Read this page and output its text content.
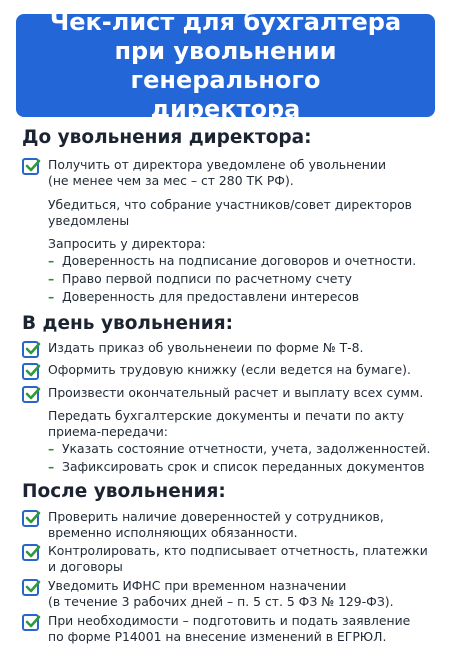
Чек-лист для бухгалтера
при увольнении генерального
директора
До увольнения директора:
Получить от директора уведомлене об увольнении
(не менее чем за мес – ст 280 ТК РФ).
Убедиться, что собрание участников/совет директоров
уведомлены
Запросить у директора:
– Доверенность на подписание договоров и очетности.
– Право первой подписи по расчетному счету
– Доверенность для предоставлени интересов
В день увольнения:
Издать приказ об увольненеии по форме № Т-8.
Оформить трудовую книжку (если ведется на бумаге).
Произвести окончательный расчет и выплату всех сумм.
Передать бухгалтерские документы и печати по акту
приема-передачи:
– Указать состояние отчетности, учета, задолженностей.
– Зафиксировать срок и список переданных документов
После увольнения:
Проверить наличие доверенностей у сотрудников,
временно исполняющих обязанности.
Контролировать, кто подписывает отчетность, платежки
и договоры
Уведомить ИФНС при временном назначении
(в течение 3 рабочих дней – п. 5 ст. 5 ФЗ № 129-ФЗ).
При необходимости – подготовить и подать заявление
по форме Р14001 на внесение изменений в ЕГРЮЛ.
